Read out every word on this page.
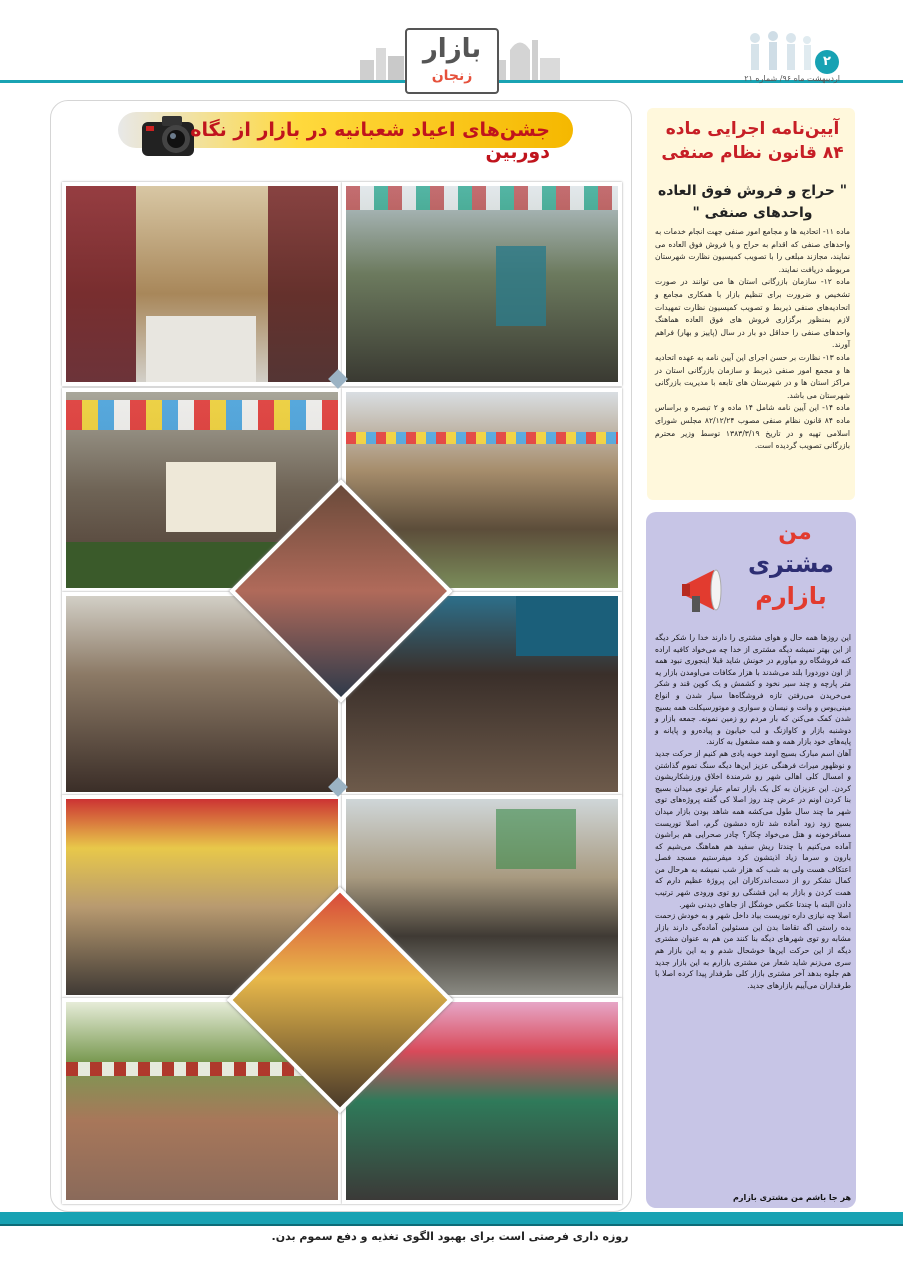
بازار
زنجان
۲
اردیبهشت ماه ۹۶/ شماره ۲۱
جشن‌های اعیاد شعبانیه در بازار از نگاه دوربین
آیین‌نامه اجرایی ماده ۸۴ قانون نظام صنفی
" حراج و فروش فوق العاده واحدهای صنفی "
ماده ۱۱- اتحادیه ها و مجامع امور صنفی جهت انجام خدمات به واحدهای صنفی که اقدام به حراج و یا فروش فوق العاده می نمایند، مجازند مبلغی را با تصویب کمیسیون نظارت شهرستان مربوطه دریافت نمایند.
ماده ۱۲- سازمان بازرگانی استان ها می توانند در صورت تشخیص و ضرورت برای تنظیم بازار با همکاری مجامع و اتحادیه‌های صنفی ذیربط و تصویب کمیسیون نظارت تمهیدات لازم بمنظور برگزاری فروش های فوق العاده هماهنگ واحدهای صنفی را حداقل دو بار در سال (پاییز و بهار) فراهم آورند.
ماده ۱۳- نظارت بر حسن اجرای این آیین نامه به عهده اتحادیه ها و مجمع امور صنفی ذیربط و سازمان بازرگانی استان در مراکز استان ها و در شهرستان های تابعه با مدیریت بازرگانی شهرستان می باشد.
ماده ۱۴- این آیین نامه شامل ۱۴ ماده و ۲ تبصره و براساس ماده ۸۴ قانون نظام صنفی مصوب ۸۲/۱۲/۲۴ مجلس شورای اسلامی تهیه و در تاریخ ۱۳۸۳/۳/۱۹ توسط وزیر محترم بازرگانی تصویب گردیده است.
من
مشتری
بازارم
این روزها همه حال و هوای مشتری را دارند خدا را شکر دیگه از این بهتر نمیشه دیگه مشتری از خدا چه می‌خواد کافیه اراده کنه فروشگاه رو میآورم در خونش شاید قبلا اینجوری نبود همه از اون دوردورا بلند می‌شدند با هزار مکافات می‌اومدن بازار یه متر پارچه و چند سیر نخود و کشمش و یک کوپن قند و شکر می‌خریدن می‌رفتن تازه فروشگاه‌ها سیار شدن و انواع مینی‌بوس و وانت و نیسان و سواری و موتورسیکلت همه بسیج شدن کمک می‌کنن که بار مردم رو زمین نمونه. جمعه بازار و دوشنبه بازار و کاوازنگ و لب خیابون و پیاده‌رو و پایانه و پایه‌های خود بازار همه و همه مشغول به کارند.
آهان اسم مبارک بسیج اومد خوبه یادی هم کنیم از حرکت جدید و نوظهور میراث فرهنگی عزیز این‌ها دیگه سنگ تموم گذاشتن و امسال کلی اهالی شهر رو شرمندهٔ اخلاق ورزشکاریشون کردن. این عزیزان به کل یک بازار تمام عیار توی میدان بسیج بنا کردن اونم در عرض چند روز اصلا کی گفته پروژه‌های توی شهر ما چند سال طول می‌کشه همه شاهد بودن بازار میدان بسیج زود زود آماده شد تازه دمشون گرم، اصلا توریست مسافرخونه و هتل می‌خواد چکار؟ چادر صحرایی هم براشون آماده می‌کنیم با چندتا ریش سفید هم هماهنگ می‌شیم که بارون و سرما زیاد اذیتشون کرد میفرستیم مسجد فصل اعتکاف هست ولی به شب که هزار شب نمیشه به هرحال من کمال تشکر رو از دست‌اندرکاران این پروژهٔ عظیم دارم که همت کردن و بازار به این قشنگی رو توی ورودی شهر ترتیب دادن البته با چندتا عکس خوشگل از جاهای دیدنی شهر.
اصلا چه نیازی داره توریست بیاد داخل شهر و به خودش زحمت بده راستی اگه تقاضا بدن این مسئولین آماده‌گی دارند بازار مشابه رو توی شهرهای دیگه بنا کنند من هم به عنوان مشتری دیگه از این حرکت این‌ها خوشحال شدم و به این بازار هم سری می‌زنم شاید شعار من مشتری بازارم به این بازار جدید هم جلوه بدهد آخر مشتری بازار کلی طرفدار پیدا کرده اصلا با طرفداران می‌آییم بازارهای جدید.
هر جا باشم من مشتری بازارم
روزه داری فرصتی است برای بهبود الگوی تغذیه و دفع سموم بدن.
